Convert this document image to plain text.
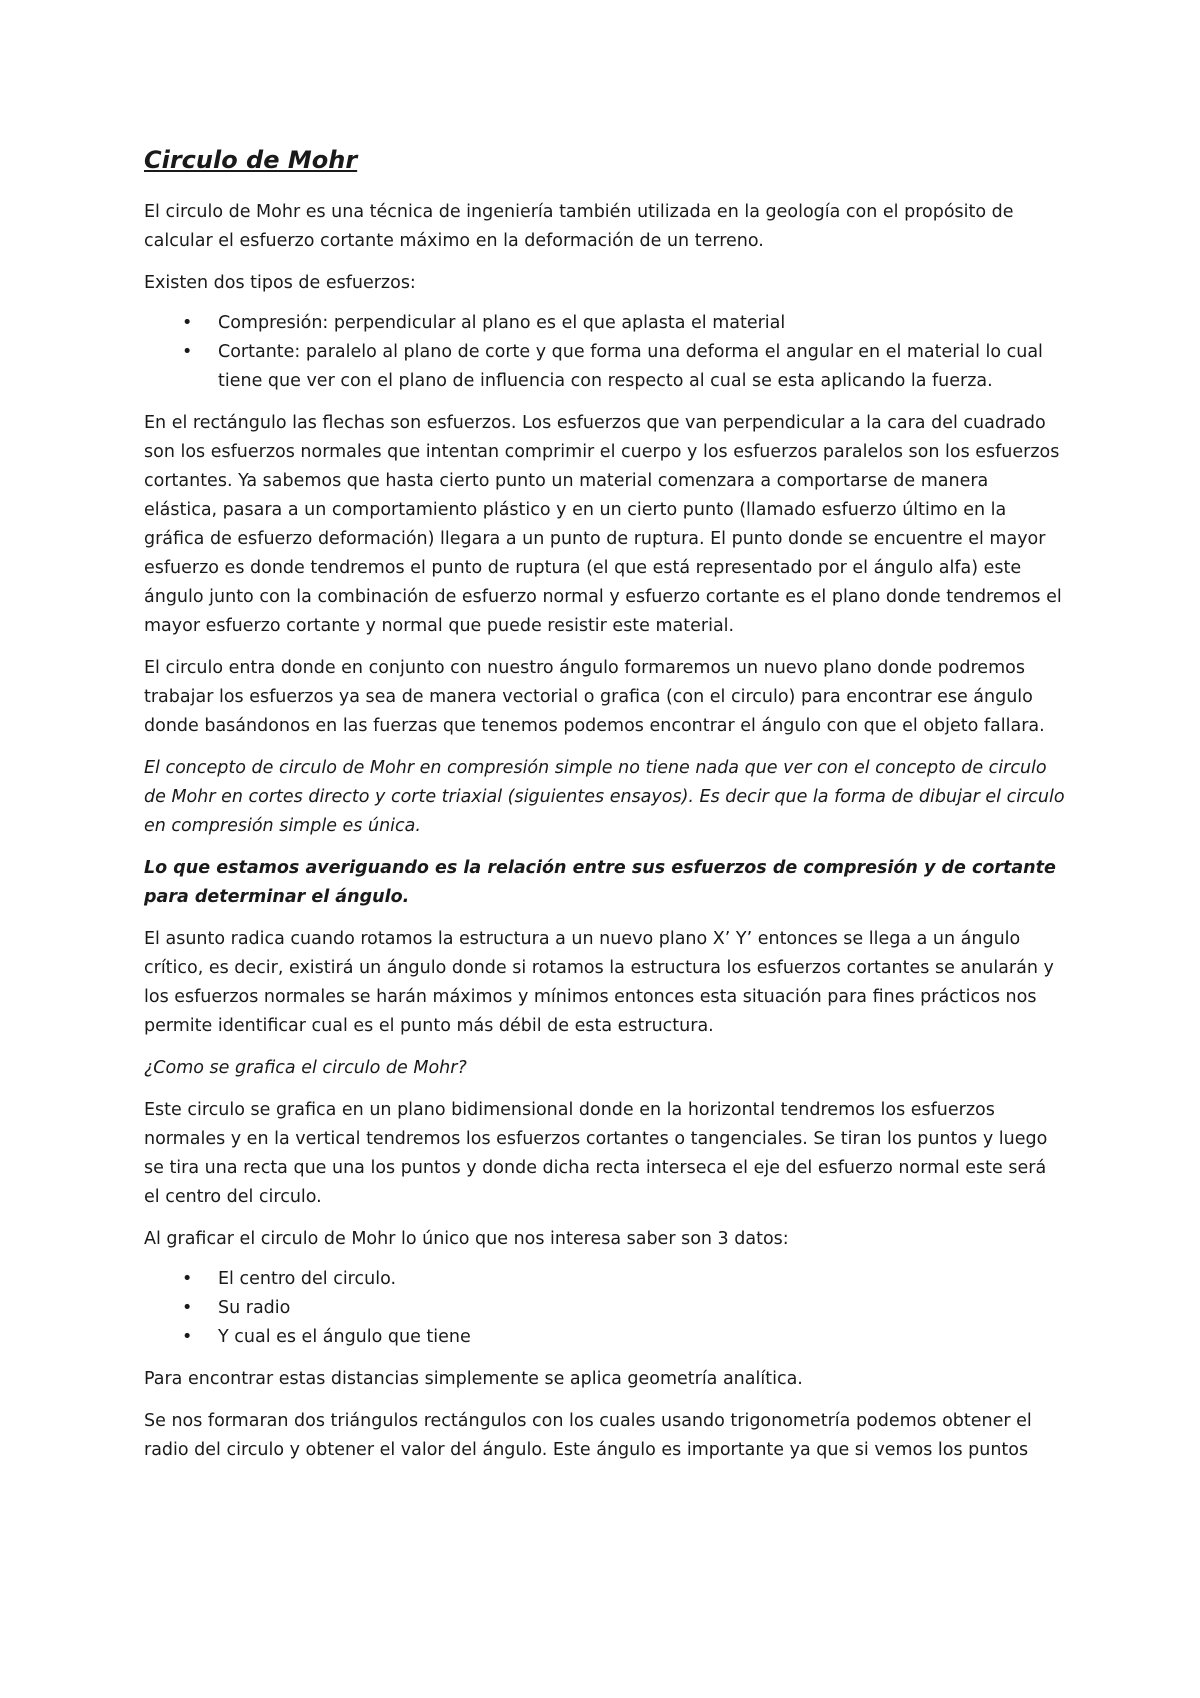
Circulo de Mohr

El circulo de Mohr es una técnica de ingeniería también utilizada en la geología con el propósito de calcular el esfuerzo cortante máximo en la deformación de un terreno.

Existen dos tipos de esfuerzos:

• Compresión: perpendicular al plano es el que aplasta el material
• Cortante: paralelo al plano de corte y que forma una deforma el angular en el material lo cual tiene que ver con el plano de influencia con respecto al cual se esta aplicando la fuerza.

En el rectángulo las flechas son esfuerzos. Los esfuerzos que van perpendicular a la cara del cuadrado son los esfuerzos normales que intentan comprimir el cuerpo y los esfuerzos paralelos son los esfuerzos cortantes. Ya sabemos que hasta cierto punto un material comenzara a comportarse de manera elástica, pasara a un comportamiento plástico y en un cierto punto (llamado esfuerzo último en la gráfica de esfuerzo deformación) llegara a un punto de ruptura. El punto donde se encuentre el mayor esfuerzo es donde tendremos el punto de ruptura (el que está representado por el ángulo alfa) este ángulo junto con la combinación de esfuerzo normal y esfuerzo cortante es el plano donde tendremos el mayor esfuerzo cortante y normal que puede resistir este material.

El circulo entra donde en conjunto con nuestro ángulo formaremos un nuevo plano donde podremos trabajar los esfuerzos ya sea de manera vectorial o grafica (con el circulo) para encontrar ese ángulo donde basándonos en las fuerzas que tenemos podemos encontrar el ángulo con que el objeto fallara.

El concepto de circulo de Mohr en compresión simple no tiene nada que ver con el concepto de circulo de Mohr en cortes directo y corte triaxial (siguientes ensayos). Es decir que la forma de dibujar el circulo en compresión simple es única.

Lo que estamos averiguando es la relación entre sus esfuerzos de compresión y de cortante para determinar el ángulo.

El asunto radica cuando rotamos la estructura a un nuevo plano X’ Y’ entonces se llega a un ángulo crítico, es decir, existirá un ángulo donde si rotamos la estructura los esfuerzos cortantes se anularán y los esfuerzos normales se harán máximos y mínimos entonces esta situación para fines prácticos nos permite identificar cual es el punto más débil de esta estructura.

¿Como se grafica el circulo de Mohr?

Este circulo se grafica en un plano bidimensional donde en la horizontal tendremos los esfuerzos normales y en la vertical tendremos los esfuerzos cortantes o tangenciales. Se tiran los puntos y luego se tira una recta que una los puntos y donde dicha recta interseca el eje del esfuerzo normal este será el centro del circulo.

Al graficar el circulo de Mohr lo único que nos interesa saber son 3 datos:

• El centro del circulo.
• Su radio
• Y cual es el ángulo que tiene

Para encontrar estas distancias simplemente se aplica geometría analítica.

Se nos formaran dos triángulos rectángulos con los cuales usando trigonometría podemos obtener el radio del circulo y obtener el valor del ángulo. Este ángulo es importante ya que si vemos los puntos
